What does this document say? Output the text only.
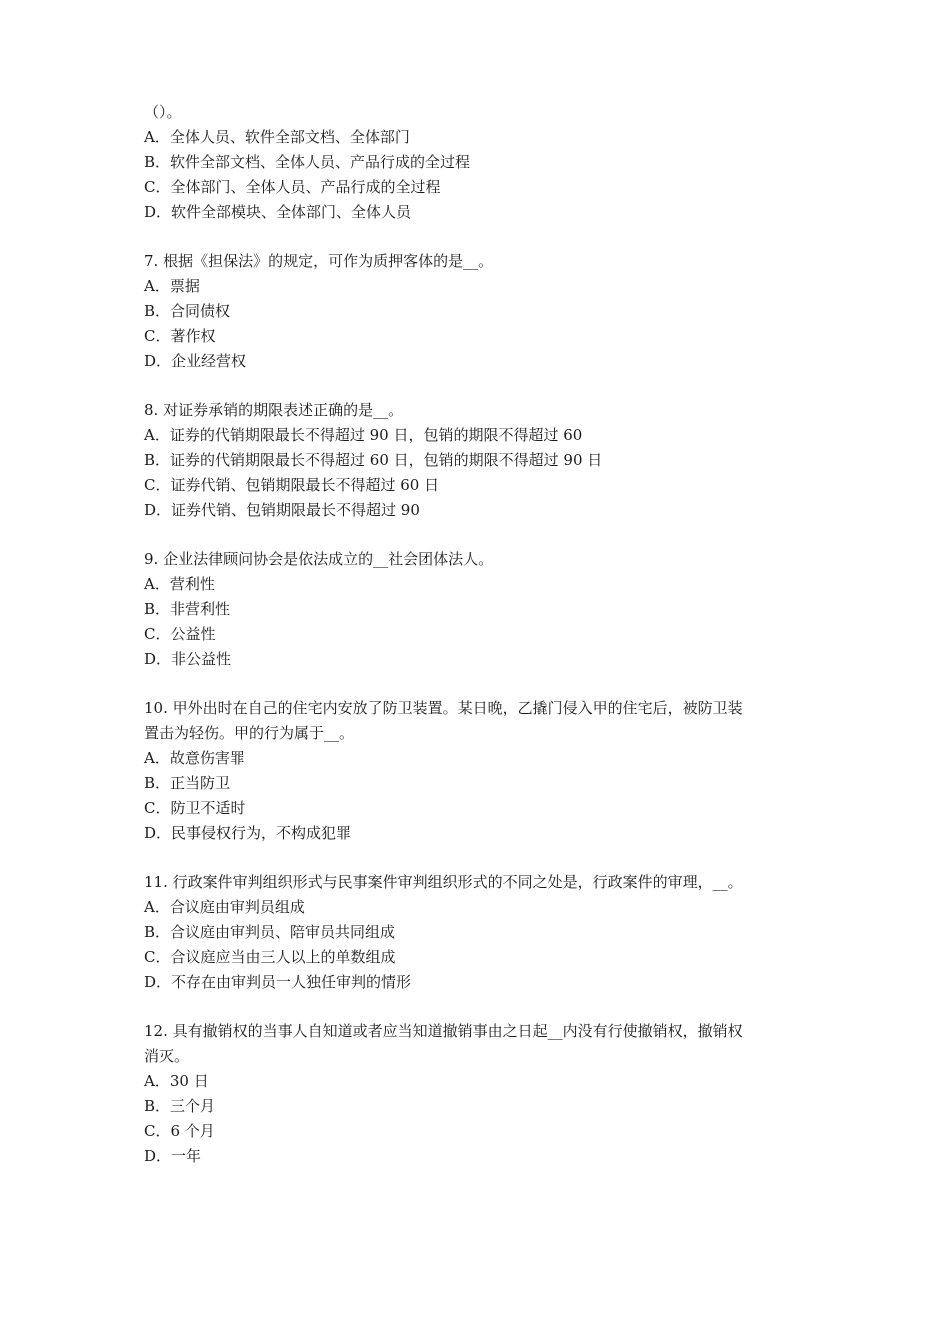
（）。
A．全体人员、软件全部文档、全体部门
B．软件全部文档、全体人员、产品行成的全过程
C．全体部门、全体人员、产品行成的全过程
D．软件全部模块、全体部门、全体人员
7. 根据《担保法》的规定，可作为质押客体的是__。
A．票据
B．合同债权
C．著作权
D．企业经营权
8. 对证券承销的期限表述正确的是__。
A．证券的代销期限最长不得超过 90 日，包销的期限不得超过 60
B．证券的代销期限最长不得超过 60 日，包销的期限不得超过 90 日
C．证券代销、包销期限最长不得超过 60 日
D．证券代销、包销期限最长不得超过 90
9. 企业法律顾问协会是依法成立的__社会团体法人。
A．营利性
B．非营利性
C．公益性
D．非公益性
10. 甲外出时在自己的住宅内安放了防卫装置。某日晚，乙撬门侵入甲的住宅后，被防卫装
置击为轻伤。甲的行为属于__。
A．故意伤害罪
B．正当防卫
C．防卫不适时
D．民事侵权行为，不构成犯罪
11. 行政案件审判组织形式与民事案件审判组织形式的不同之处是，行政案件的审理，__。
A．合议庭由审判员组成
B．合议庭由审判员、陪审员共同组成
C．合议庭应当由三人以上的单数组成
D．不存在由审判员一人独任审判的情形
12. 具有撤销权的当事人自知道或者应当知道撤销事由之日起__内没有行使撤销权，撤销权
消灭。
A．30 日
B．三个月
C．6 个月
D．一年
